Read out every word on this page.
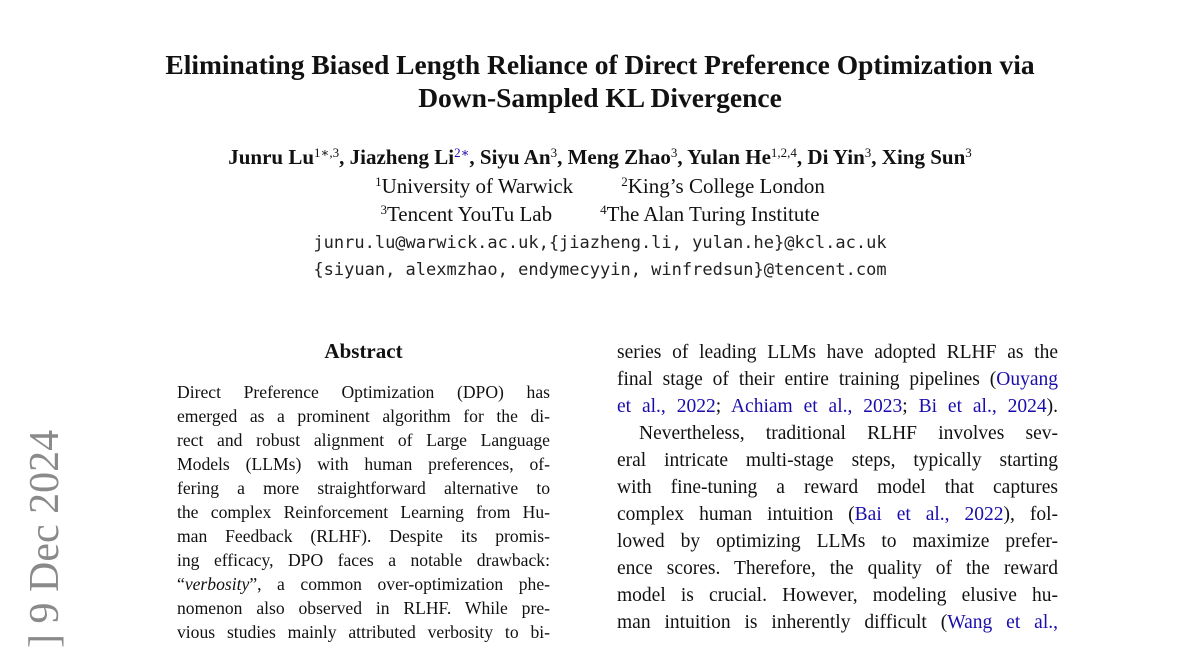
Eliminating Biased Length Reliance of Direct Preference Optimization via
Down-Sampled KL Divergence
Junru $Lu^{1∗,3}$, Jiazheng $Li^{2∗}$, Siyu An$^3$, Meng Zhao$^3$, Yulan He$^{1,2,4}$, Di Yin$^3$, Xing Sun$^3$
$^1$University of Warwick	$^2$King’s College London
$^3$Tencent YouTu Lab	$^4$The Alan Turing Institute
junru.lu@warwick.ac.uk,{jiazheng.li, yulan.he}@kcl.ac.uk
{siyuan, alexmzhao, endymecyyin, winfredsun}@tencent.com
Abstract
Direct Preference Optimization (DPO) has
emerged as a prominent algorithm for the di-
rect and robust alignment of Large Language
Models (LLMs) with human preferences, of-
fering a more straightforward alternative to
the complex Reinforcement Learning from Hu-
man Feedback (RLHF). Despite its promis-
ing efficacy, DPO faces a notable drawback:
“verbosity”, a common over-optimization phe-
nomenon also observed in RLHF. While pre-
vious studies mainly attributed verbosity to bi-
series of leading LLMs have adopted RLHF as the
final stage of their entire training pipelines (Ouyang
et al., 2022; Achiam et al., 2023; Bi et al., 2024).
Nevertheless, traditional RLHF involves sev-
eral intricate multi-stage steps, typically starting
with fine-tuning a reward model that captures
complex human intuition (Bai et al., 2022), fol-
lowed by optimizing LLMs to maximize prefer-
ence scores. Therefore, the quality of the reward
model is crucial. However, modeling elusive hu-
man intuition is inherently difficult (Wang et al.,
] 9 Dec 2024
